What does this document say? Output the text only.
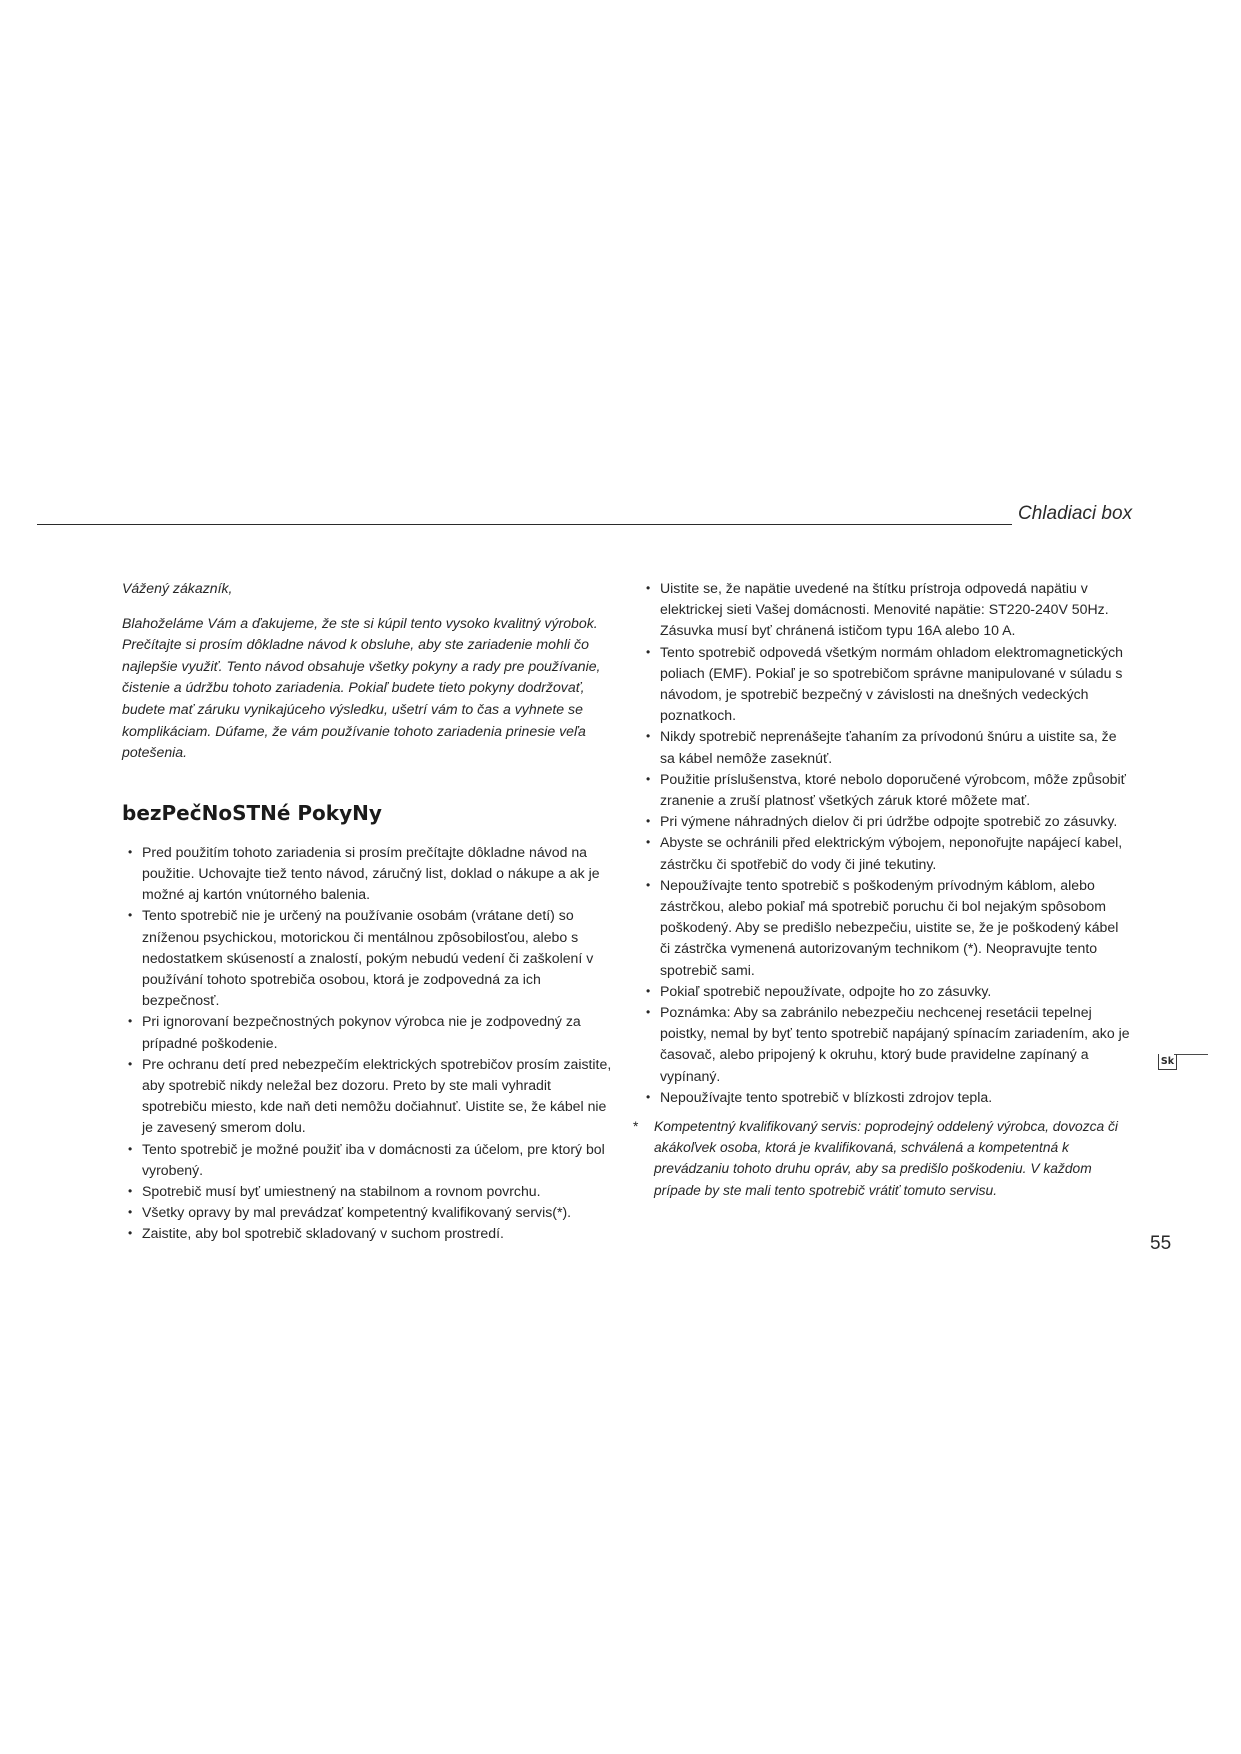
Chladiaci box

Vážený zákazník,

Blahoželáme Vám a ďakujeme, že ste si kúpil tento vysoko kvalitný výrobok. Prečítajte si prosím dôkladne návod k obsluhe, aby ste zariadenie mohli čo najlepšie využiť. Tento návod obsahuje všetky pokyny a rady pre používanie, čistenie a údržbu tohoto zariadenia. Pokiaľ budete tieto pokyny dodržovať, budete mať záruku vynikajúceho výsledku, ušetrí vám to čas a vyhnete se komplikáciam. Dúfame, že vám používanie tohoto zariadenia prinesie veľa potešenia.

bezPečNoSTNé PokyNy
• Pred použitím tohoto zariadenia si prosím prečítajte dôkladne návod na použitie. Uchovajte tiež tento návod, záručný list, doklad o nákupe a ak je možné aj kartón vnútorného balenia.
• Tento spotrebič nie je určený na používanie osobám (vrátane detí) so zníženou psychickou, motorickou či mentálnou zpôsobilosťou, alebo s nedostatkem skúseností a znalostí, pokým nebudú vedení či zaškolení v používání tohoto spotrebiča osobou, ktorá je zodpovedná za ich bezpečnosť.
• Pri ignorovaní bezpečnostných pokynov výrobca nie je zodpovedný za prípadné poškodenie.
• Pre ochranu detí pred nebezpečím elektrických spotrebičov prosím zaistite, aby spotrebič nikdy neležal bez dozoru. Preto by ste mali vyhradit spotrebiču miesto, kde naň deti nemôžu dočiahnuť. Uistite se, že kábel nie je zavesený smerom dolu.
• Tento spotrebič je možné použiť iba v domácnosti za účelom, pre ktorý bol vyrobený.
• Spotrebič musí byť umiestnený na stabilnom a rovnom povrchu.
• Všetky opravy by mal prevádzať kompetentný kvalifikovaný servis(*).
• Zaistite, aby bol spotrebič skladovaný v suchom prostredí.
• Uistite se, že napätie uvedené na štítku prístroja odpovedá napätiu v elektrickej sieti Vašej domácnosti. Menovité napätie: ST220-240V 50Hz. Zásuvka musí byť chránená ističom typu 16A alebo 10 A.
• Tento spotrebič odpovedá všetkým normám ohladom elektromagnetických poliach (EMF). Pokiaľ je so spotrebičom správne manipulované v súladu s návodom, je spotrebič bezpečný v závislosti na dnešných vedeckých poznatkoch.
• Nikdy spotrebič neprenášejte ťahaním za prívodonú šnúru a uistite sa, že sa kábel nemôže zaseknúť.
• Použitie príslušenstva, ktoré nebolo doporučené výrobcom, môže způsobiť zranenie a zruší platnosť všetkých záruk ktoré môžete mať.
• Pri výmene náhradných dielov či pri údržbe odpojte spotrebič zo zásuvky.
• Abyste se ochránili před elektrickým výbojem, neponořujte napájecí kabel, zástrčku či spotřebič do vody či jiné tekutiny.
• Nepoužívajte tento spotrebič s poškodeným prívodným káblom, alebo zástrčkou, alebo pokiaľ má spotrebič poruchu či bol nejakým spôsobom poškodený. Aby se predišlo nebezpečiu, uistite se, že je poškodený kábel či zástrčka vymenená autorizovaným technikom (*). Neopravujte tento spotrebič sami.
• Pokiaľ spotrebič nepoužívate, odpojte ho zo zásuvky.
• Poznámka: Aby sa zabránilo nebezpečiu nechcenej resetácii tepelnej poistky, nemal by byť tento spotrebič napájaný spínacím zariadením, ako je časovač, alebo pripojený k okruhu, ktorý bude pravidelne zapínaný a vypínaný.
• Nepoužívajte tento spotrebič v blízkosti zdrojov tepla.
* Kompetentný kvalifikovaný servis: poprodejný oddelený výrobca, dovozca či akákoľvek osoba, ktorá je kvalifikovaná, schválená a kompetentná k prevádzaniu tohoto druhu opráv, aby sa predišlo poškodeniu. V každom prípade by ste mali tento spotrebič vrátiť tomuto servisu.
Sk
55
